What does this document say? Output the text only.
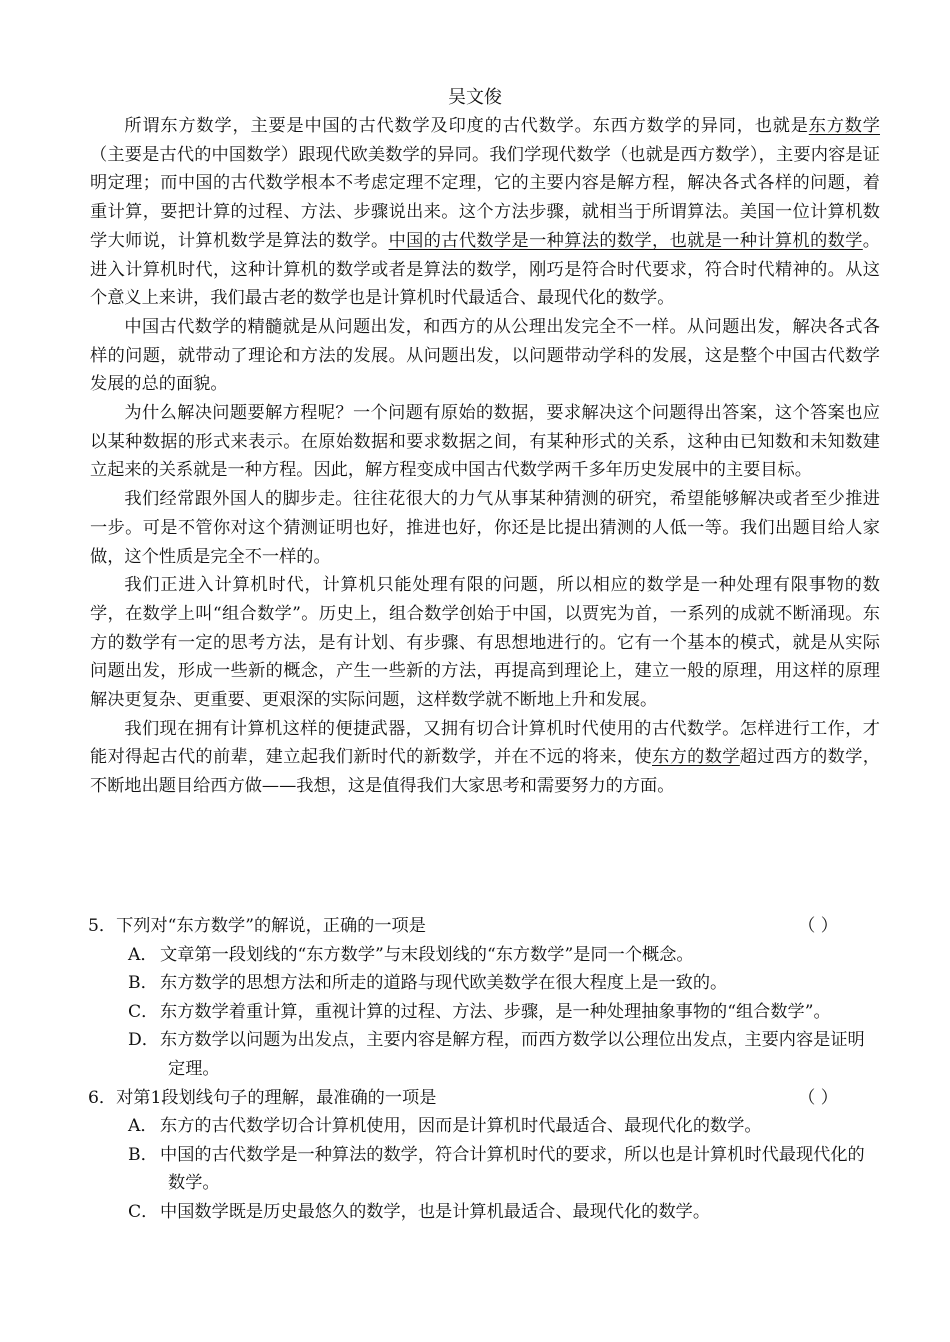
吴文俊

所谓东方数学，主要是中国的古代数学及印度的古代数学。东西方数学的异同，也就是东方数学（主要是古代的中国数学）跟现代欧美数学的异同。我们学现代数学（也就是西方数学），主要内容是证明定理；而中国的古代数学根本不考虑定理不定理，它的主要内容是解方程，解决各式各样的问题，着重计算，要把计算的过程、方法、步骤说出来。这个方法步骤，就相当于所谓算法。美国一位计算机数学大师说，计算机数学是算法的数学。中国的古代数学是一种算法的数学，也就是一种计算机的数学。进入计算机时代，这种计算机的数学或者是算法的数学，刚巧是符合时代要求，符合时代精神的。从这个意义上来讲，我们最古老的数学也是计算机时代最适合、最现代化的数学。

中国古代数学的精髓就是从问题出发，和西方的从公理出发完全不一样。从问题出发，解决各式各样的问题，就带动了理论和方法的发展。从问题出发，以问题带动学科的发展，这是整个中国古代数学发展的总的面貌。

为什么解决问题要解方程呢？一个问题有原始的数据，要求解决这个问题得出答案，这个答案也应以某种数据的形式来表示。在原始数据和要求数据之间，有某种形式的关系，这种由已知数和未知数建立起来的关系就是一种方程。因此，解方程变成中国古代数学两千多年历史发展中的主要目标。

我们经常跟外国人的脚步走。往往花很大的力气从事某种猜测的研究，希望能够解决或者至少推进一步。可是不管你对这个猜测证明也好，推进也好，你还是比提出猜测的人低一等。我们出题目给人家做，这个性质是完全不一样的。

我们正进入计算机时代，计算机只能处理有限的问题，所以相应的数学是一种处理有限事物的数学，在数学上叫“组合数学”。历史上，组合数学创始于中国，以贾宪为首，一系列的成就不断涌现。东方的数学有一定的思考方法，是有计划、有步骤、有思想地进行的。它有一个基本的模式，就是从实际问题出发，形成一些新的概念，产生一些新的方法，再提高到理论上，建立一般的原理，用这样的原理解决更复杂、更重要、更艰深的实际问题，这样数学就不断地上升和发展。

我们现在拥有计算机这样的便捷武器，又拥有切合计算机时代使用的古代数学。怎样进行工作，才能对得起古代的前辈，建立起我们新时代的新数学，并在不远的将来，使东方的数学超过西方的数学，不断地出题目给西方做——我想，这是值得我们大家思考和需要努力的方面。

5．下列对“东方数学”的解说，正确的一项是	（ ）
A． 文章第一段划线的“东方数学”与末段划线的“东方数学”是同一个概念。
B． 东方数学的思想方法和所走的道路与现代欧美数学在很大程度上是一致的。
C．东方数学着重计算，重视计算的过程、方法、步骤，是一种处理抽象事物的“组合数学”。
D．东方数学以问题为出发点，主要内容是解方程，而西方数学以公理位出发点，主要内容是证明定理。
6．对第1段划线句子的理解，最准确的一项是	（ ）
A． 东方的古代数学切合计算机使用，因而是计算机时代最适合、最现代化的数学。
B． 中国的古代数学是一种算法的数学，符合计算机时代的要求，所以也是计算机时代最现代化的数学。
C．中国数学既是历史最悠久的数学，也是计算机最适合、最现代化的数学。
